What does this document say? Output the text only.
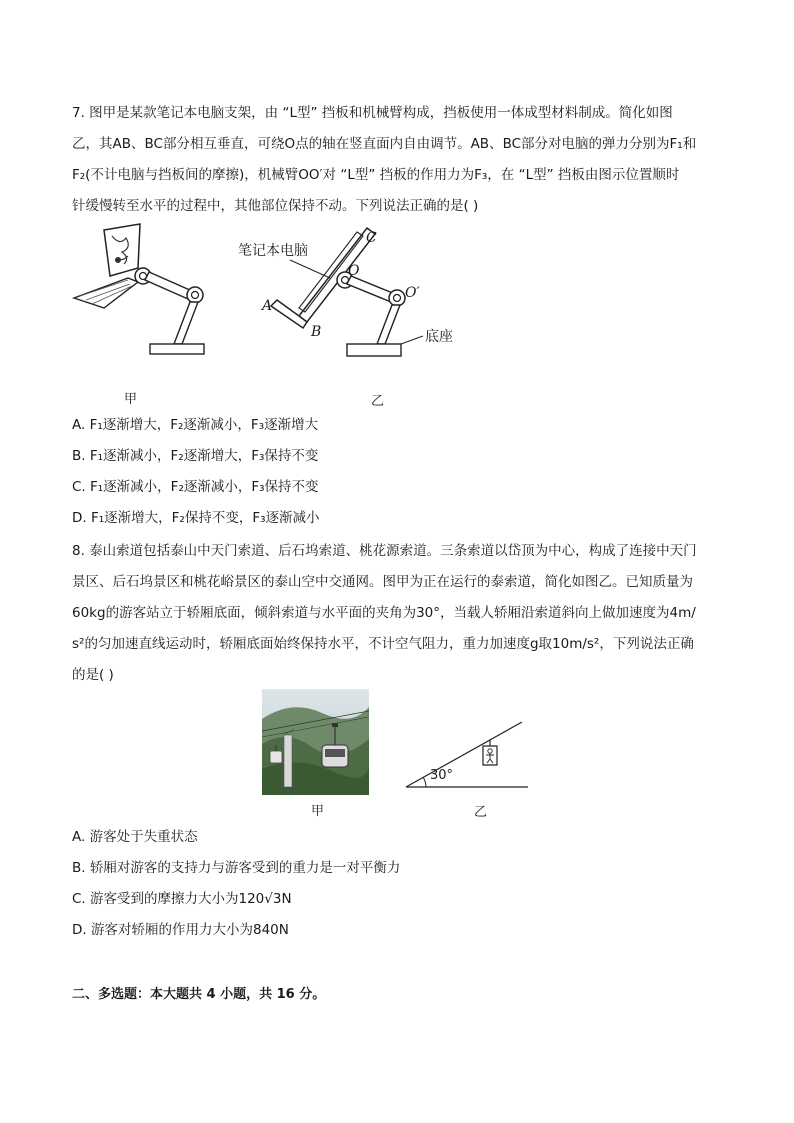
7. 图甲是某款笔记本电脑支架，由 “L型” 挡板和机械臂构成，挡板使用一体成型材料制成。简化如图
乙，其AB、BC部分相互垂直，可绕O点的轴在竖直面内自由调节。AB、BC部分对电脑的弹力分别为F₁和
F₂(不计电脑与挡板间的摩擦)，机械臂OO′对 “L型” 挡板的作用力为F₃，在 “L型” 挡板由图示位置顺时
针缓慢转至水平的过程中，其他部位保持不动。下列说法正确的是( )
笔记本电脑
C
O
O′
A
B	底座
甲	乙
A. F₁逐渐增大，F₂逐渐减小，F₃逐渐增大
B. F₁逐渐减小，F₂逐渐增大，F₃保持不变
C. F₁逐渐减小，F₂逐渐减小，F₃保持不变
D. F₁逐渐增大，F₂保持不变，F₃逐渐减小
8. 泰山索道包括泰山中天门索道、后石坞索道、桃花源索道。三条索道以岱顶为中心，构成了连接中天门
景区、后石坞景区和桃花峪景区的泰山空中交通网。图甲为正在运行的泰索道，简化如图乙。已知质量为
60kg的游客站立于轿厢底面，倾斜索道与水平面的夹角为30°，当载人轿厢沿索道斜向上做加速度为4m/
s²的匀加速直线运动时，轿厢底面始终保持水平，不计空气阻力，重力加速度g取10m/s²，下列说法正确
的是( )
甲
30°
乙
A. 游客处于失重状态
B. 轿厢对游客的支持力与游客受到的重力是一对平衡力
C. 游客受到的摩擦力大小为120√3N
D. 游客对轿厢的作用力大小为840N
二、多选题：本大题共 4 小题，共 16 分。
